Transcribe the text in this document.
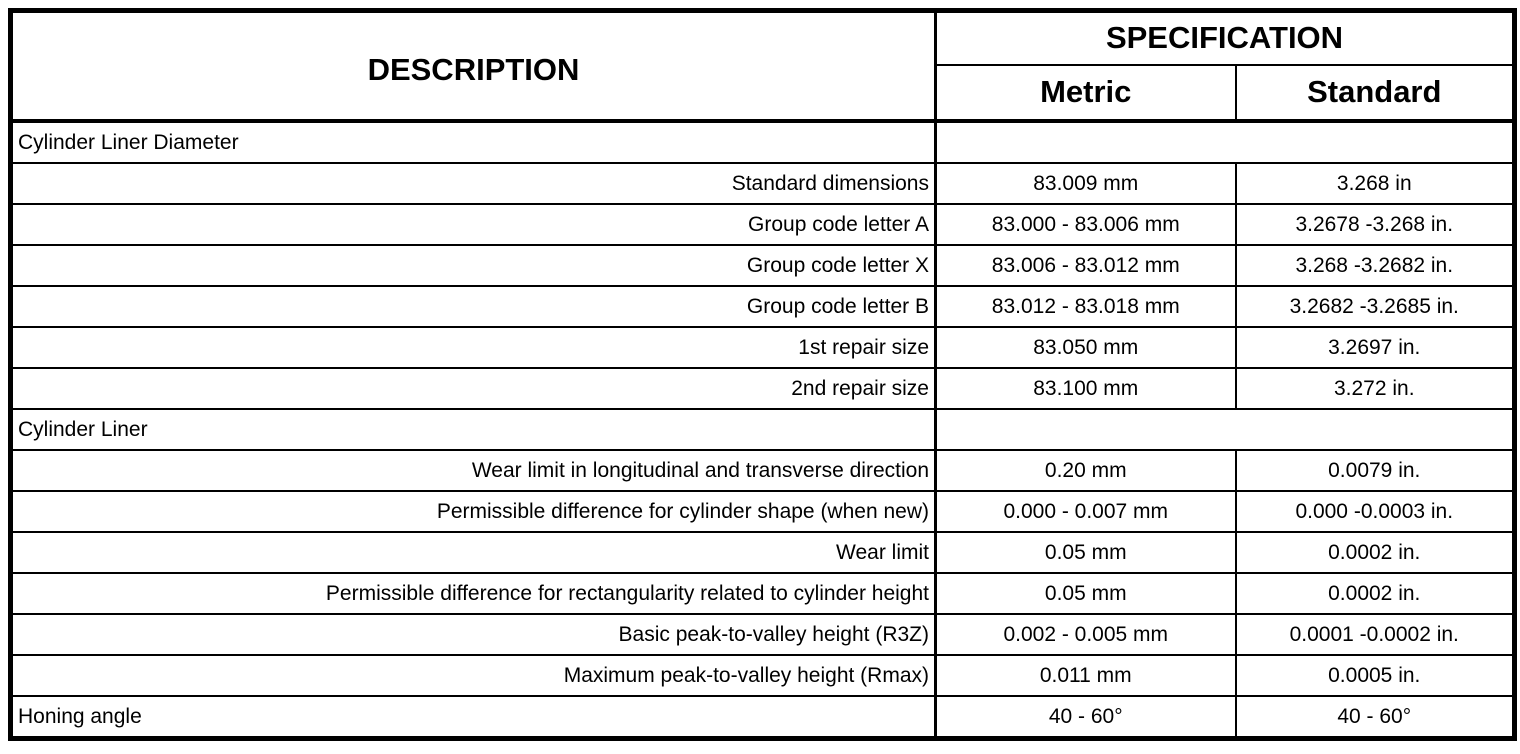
DESCRIPTION	SPECIFICATION	
	Metric	Standard
Cylinder Liner Diameter		
Standard dimensions	83.009 mm	3.268 in
Group code letter A	83.000 - 83.006 mm	3.2678 -3.268 in.
Group code letter X	83.006 - 83.012 mm	3.268 -3.2682 in.
Group code letter B	83.012 - 83.018 mm	3.2682 -3.2685 in.
1st repair size	83.050 mm	3.2697 in.
2nd repair size	83.100 mm	3.272 in.
Cylinder Liner		
Wear limit in longitudinal and transverse direction	0.20 mm	0.0079 in.
Permissible difference for cylinder shape (when new)	0.000 - 0.007 mm	0.000 -0.0003 in.
Wear limit	0.05 mm	0.0002 in.
Permissible difference for rectangularity related to cylinder height	0.05 mm	0.0002 in.
Basic peak-to-valley height (R3Z)	0.002 - 0.005 mm	0.0001 -0.0002 in.
Maximum peak-to-valley height (Rmax)	0.011 mm	0.0005 in.
Honing angle	40 - 60°	40 - 60°
